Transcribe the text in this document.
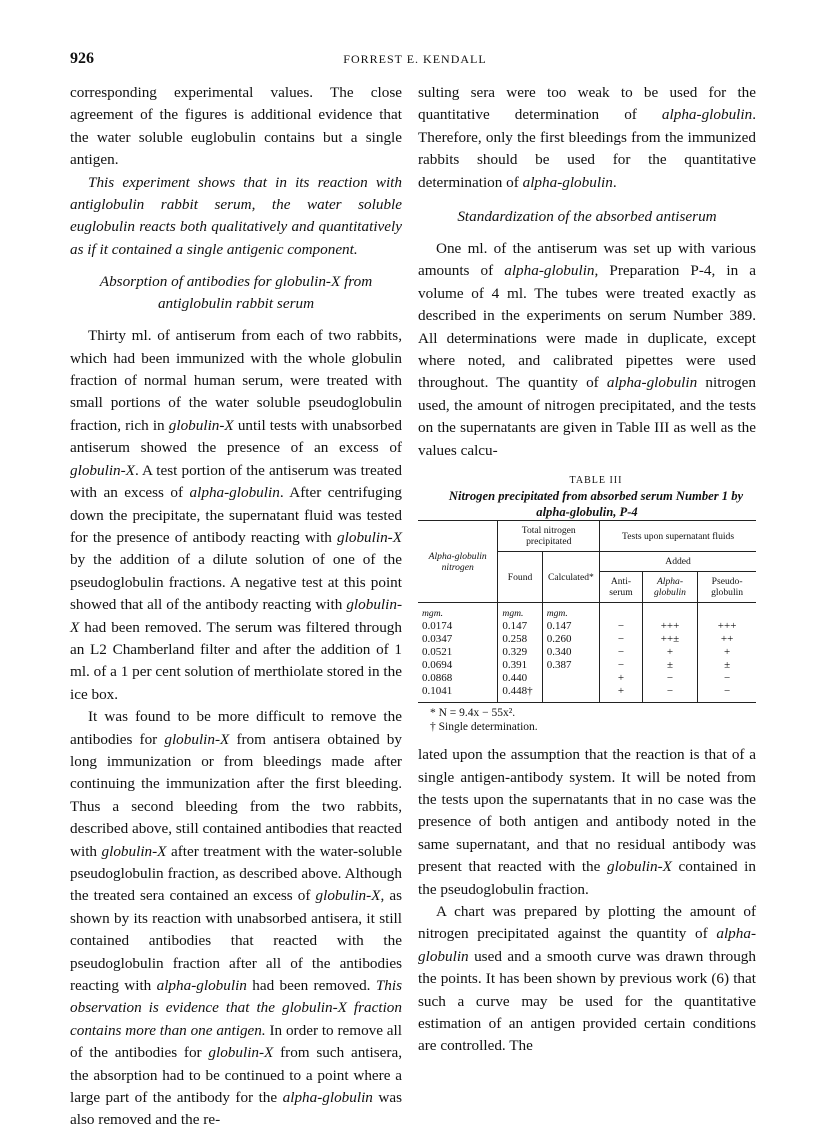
926	FORREST E. KENDALL

corresponding experimental values. The close agreement of the figures is additional evidence that the water soluble euglobulin contains but a single antigen.

This experiment shows that in its reaction with antiglobulin rabbit serum, the water soluble euglobulin reacts both qualitatively and quantitatively as if it contained a single antigenic component.

Absorption of antibodies for globulin-X from antiglobulin rabbit serum

Thirty ml. of antiserum from each of two rabbits, which had been immunized with the whole globulin fraction of normal human serum, were treated with small portions of the water soluble pseudoglobulin fraction, rich in globulin-X until tests with unabsorbed antiserum showed the presence of an excess of globulin-X. A test portion of the antiserum was treated with an excess of alpha-globulin. After centrifuging down the precipitate, the supernatant fluid was tested for the presence of antibody reacting with globulin-X by the addition of a dilute solution of one of the pseudoglobulin fractions. A negative test at this point showed that all of the antibody reacting with globulin-X had been removed. The serum was filtered through an L2 Chamberland filter and after the addition of 1 ml. of a 1 per cent solution of merthiolate stored in the ice box.

It was found to be more difficult to remove the antibodies for globulin-X from antisera obtained by long immunization or from bleedings made after continuing the immunization after the first bleeding. Thus a second bleeding from the two rabbits, described above, still contained antibodies that reacted with globulin-X after treatment with the water-soluble pseudoglobulin fraction, as described above. Although the treated sera contained an excess of globulin-X, as shown by its reaction with unabsorbed antisera, it still contained antibodies that reacted with the pseudoglobulin fraction after all of the antibodies reacting with alpha-globulin had been removed. This observation is evidence that the globulin-X fraction contains more than one antigen. In order to remove all of the antibodies for globulin-X from such antisera, the absorption had to be continued to a point where a large part of the antibody for the alpha-globulin was also removed and the re-

sulting sera were too weak to be used for the quantitative determination of alpha-globulin. Therefore, only the first bleedings from the immunized rabbits should be used for the quantitative determination of alpha-globulin.

Standardization of the absorbed antiserum

One ml. of the antiserum was set up with various amounts of alpha-globulin, Preparation P-4, in a volume of 4 ml. The tubes were treated exactly as described in the experiments on serum Number 389. All determinations were made in duplicate, except where noted, and calibrated pipettes were used throughout. The quantity of alpha-globulin nitrogen used, the amount of nitrogen precipitated, and the tests on the supernatants are given in Table III as well as the values calcu-

TABLE III

Nitrogen precipitated from absorbed serum Number 1 by alpha-globulin, P-4

Alpha-globulin nitrogen	Total nitrogen precipitated		Tests upon supernatant fluids		
	Found	Calculated*	Added		
			Anti-serum	Alpha-globulin	Pseudo-globulin
mgm.	mgm.	mgm.			
0.0174	0.147	0.147	−	+++	+++
0.0347	0.258	0.260	−	++±	++
0.0521	0.329	0.340	−	+	+
0.0694	0.391	0.387	−	±	±
0.0868	0.440		+	−	−
0.1041	0.448†		+	−	−
* N = 9.4x − 55x².
† Single determination.

lated upon the assumption that the reaction is that of a single antigen-antibody system. It will be noted from the tests upon the supernatants that in no case was the presence of both antigen and antibody noted in the same supernatant, and that no residual antibody was present that reacted with the globulin-X contained in the pseudoglobulin fraction.

A chart was prepared by plotting the amount of nitrogen precipitated against the quantity of alpha-globulin used and a smooth curve was drawn through the points. It has been shown by previous work (6) that such a curve may be used for the quantitative estimation of an antigen provided certain conditions are controlled. The
